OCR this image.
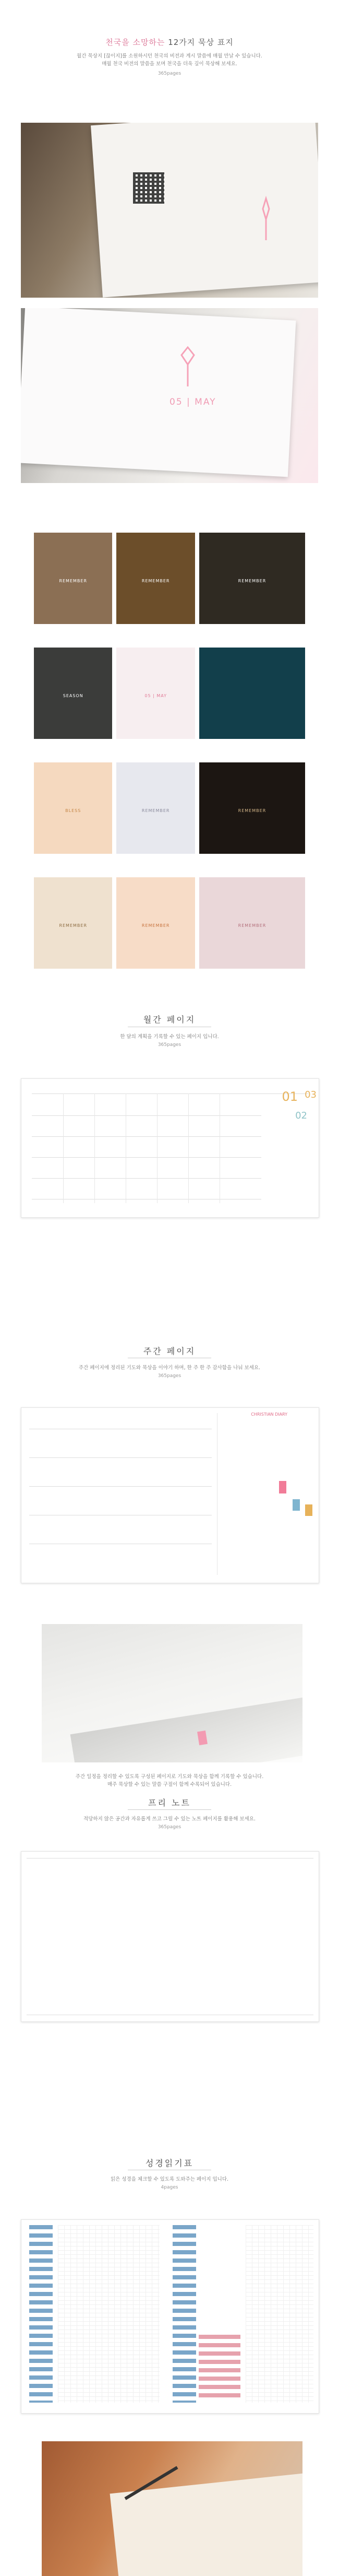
천국을 소망하는 12가지 묵상 표지
월간 묵상지 [끊이지]를 소원하시던 천국의 비전과 계시 말씀에 매월 만날 수 있습니다.
매월 천국 비전의 말씀을 보며 천국을 더욱 깊이 묵상해 보세요.
365pages
05 | MAY
REMEMBER	REMEMBER	REMEMBER
SEASON	05 | MAY
BLESS	REMEMBER	REMEMBER
REMEMBER	REMEMBER	REMEMBER
월간 페이지
한 달의 계획을 기록할 수 있는 페이지 입니다.
365pages
01 03
02
주간 페이지
주간 페이지에 정리된 기도와 묵상을 이야기 하며, 한 주 한 주 감사함을 나눠 보세요.
365pages
CHRISTIAN DIARY
주간 일정을 정리할 수 있도록 구성된 페이지로 기도와 묵상을 함께 기록할 수 있습니다.
매주 묵상할 수 있는 말씀 구절이 함께 수록되어 있습니다.
프리 노트
적당하지 않은 공간과 자유롭게 쓰고 그릴 수 있는 노트 페이지를 활용해 보세요.
365pages
성경읽기표
읽은 성경을 체크할 수 있도록 도와주는 페이지 입니다.
4pages
